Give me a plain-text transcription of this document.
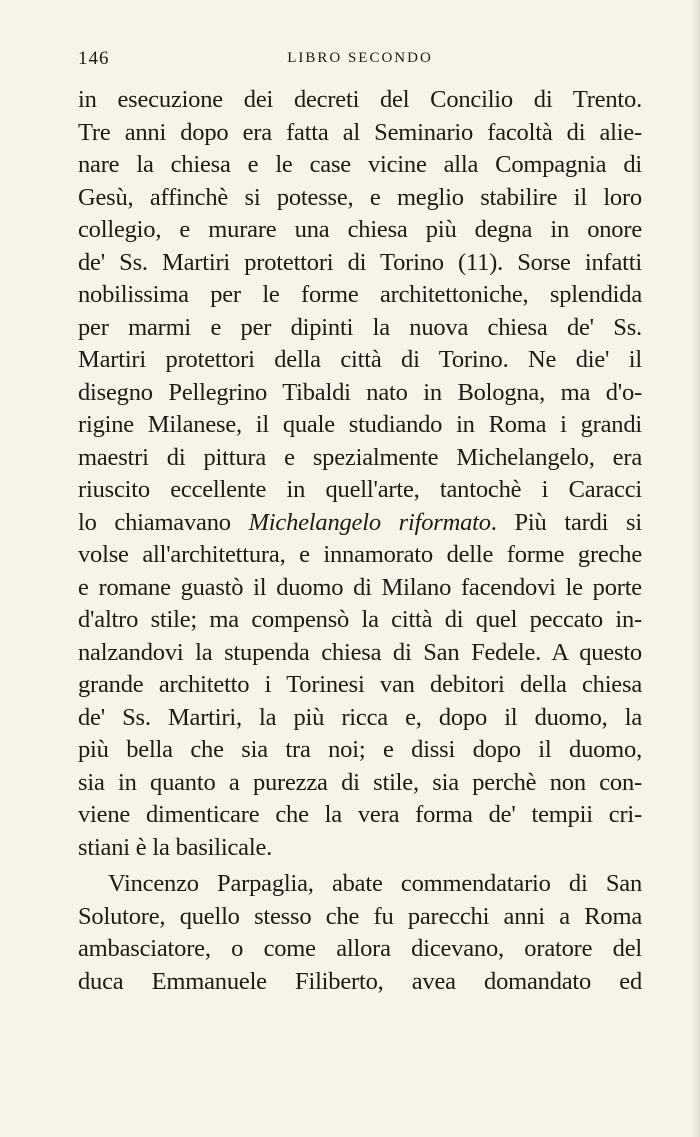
146	LIBRO SECONDO
in esecuzione dei decreti del Concilio di Trento.
Tre anni dopo era fatta al Seminario facoltà di alie-
nare la chiesa e le case vicine alla Compagnia di
Gesù, affinchè si potesse, e meglio stabilire il loro
collegio, e murare una chiesa più degna in onore
de' Ss. Martiri protettori di Torino (11). Sorse infatti
nobilissima per le forme architettoniche, splendida
per marmi e per dipinti la nuova chiesa de' Ss.
Martiri protettori della città di Torino. Ne die' il
disegno Pellegrino Tibaldi nato in Bologna, ma d'o-
rigine Milanese, il quale studiando in Roma i grandi
maestri di pittura e spezialmente Michelangelo, era
riuscito eccellente in quell'arte, tantochè i Caracci
lo chiamavano Michelangelo riformato. Più tardi si
volse all'architettura, e innamorato delle forme greche
e romane guastò il duomo di Milano facendovi le porte
d'altro stile; ma compensò la città di quel peccato in-
nalzandovi la stupenda chiesa di San Fedele. A questo
grande architetto i Torinesi van debitori della chiesa
de' Ss. Martiri, la più ricca e, dopo il duomo, la
più bella che sia tra noi; e dissi dopo il duomo,
sia in quanto a purezza di stile, sia perchè non con-
viene dimenticare che la vera forma de' tempii cri-
stiani è la basilicale.
Vincenzo Parpaglia, abate commendatario di San
Solutore, quello stesso che fu parecchi anni a Roma
ambasciatore, o come allora dicevano, oratore del
duca Emmanuele Filiberto, avea domandato ed
